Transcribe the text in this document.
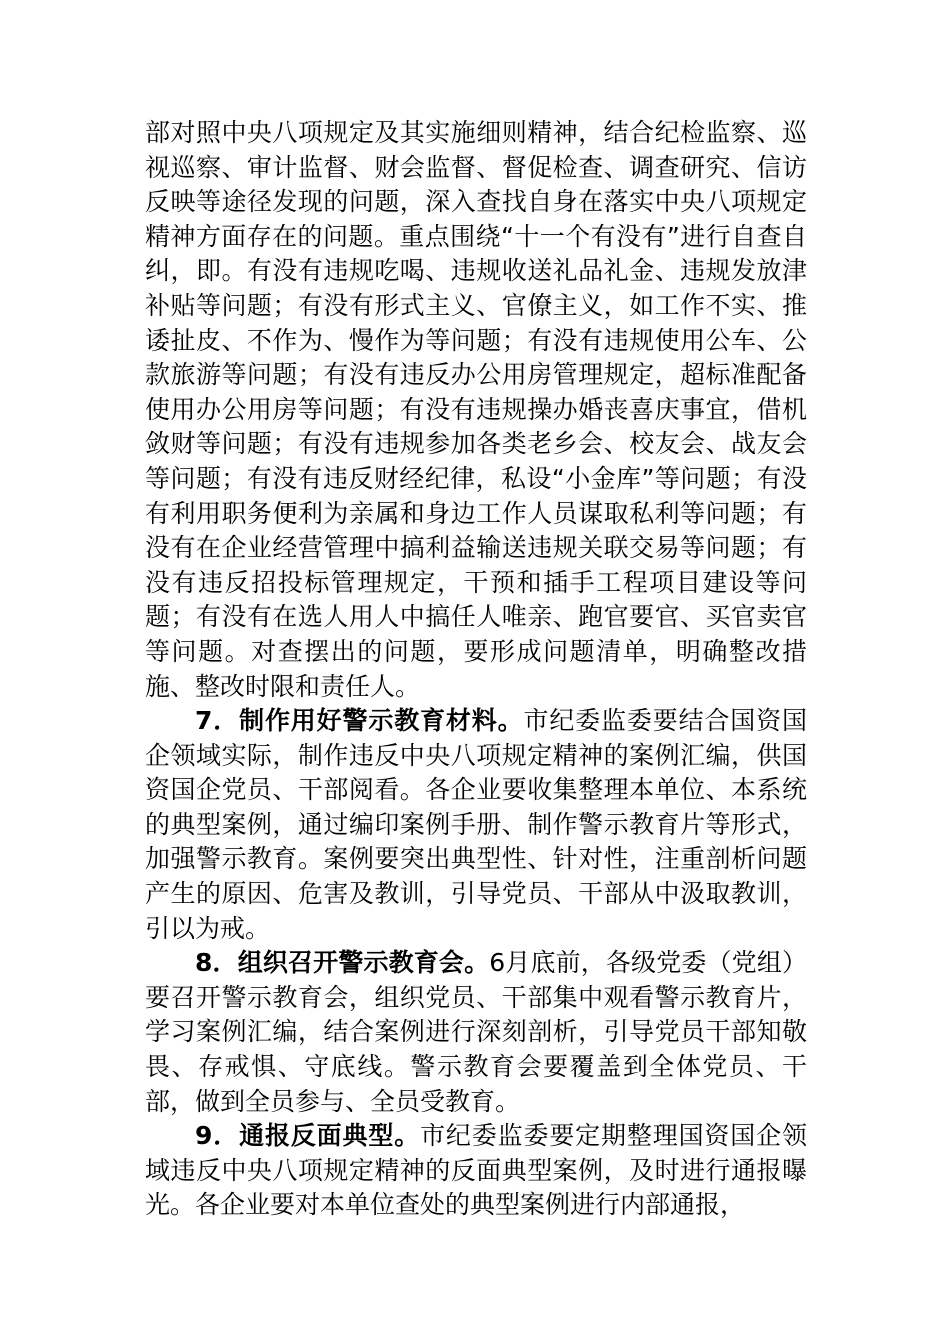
部对照中央八项规定及其实施细则精神，结合纪检监察、巡视巡察、审计监督、财会监督、督促检查、调查研究、信访反映等途径发现的问题，深入查找自身在落实中央八项规定精神方面存在的问题。重点围绕“十一个有没有”进行自查自纠，即。有没有违规吃喝、违规收送礼品礼金、违规发放津补贴等问题；有没有形式主义、官僚主义，如工作不实、推诿扯皮、不作为、慢作为等问题；有没有违规使用公车、公款旅游等问题；有没有违反办公用房管理规定，超标准配备使用办公用房等问题；有没有违规操办婚丧喜庆事宜，借机敛财等问题；有没有违规参加各类老乡会、校友会、战友会等问题；有没有违反财经纪律，私设“小金库”等问题；有没有利用职务便利为亲属和身边工作人员谋取私利等问题；有没有在企业经营管理中搞利益输送违规关联交易等问题；有没有违反招投标管理规定，干预和插手工程项目建设等问题；有没有在选人用人中搞任人唯亲、跑官要官、买官卖官等问题。对查摆出的问题，要形成问题清单，明确整改措施、整改时限和责任人。

7．制作用好警示教育材料。市纪委监委要结合国资国企领域实际，制作违反中央八项规定精神的案例汇编，供国资国企党员、干部阅看。各企业要收集整理本单位、本系统的典型案例，通过编印案例手册、制作警示教育片等形式，加强警示教育。案例要突出典型性、针对性，注重剖析问题产生的原因、危害及教训，引导党员、干部从中汲取教训，引以为戒。

8．组织召开警示教育会。6月底前，各级党委（党组）要召开警示教育会，组织党员、干部集中观看警示教育片，学习案例汇编，结合案例进行深刻剖析，引导党员干部知敬畏、存戒惧、守底线。警示教育会要覆盖到全体党员、干部，做到全员参与、全员受教育。

9．通报反面典型。市纪委监委要定期整理国资国企领域违反中央八项规定精神的反面典型案例，及时进行通报曝光。各企业要对本单位查处的典型案例进行内部通报，
